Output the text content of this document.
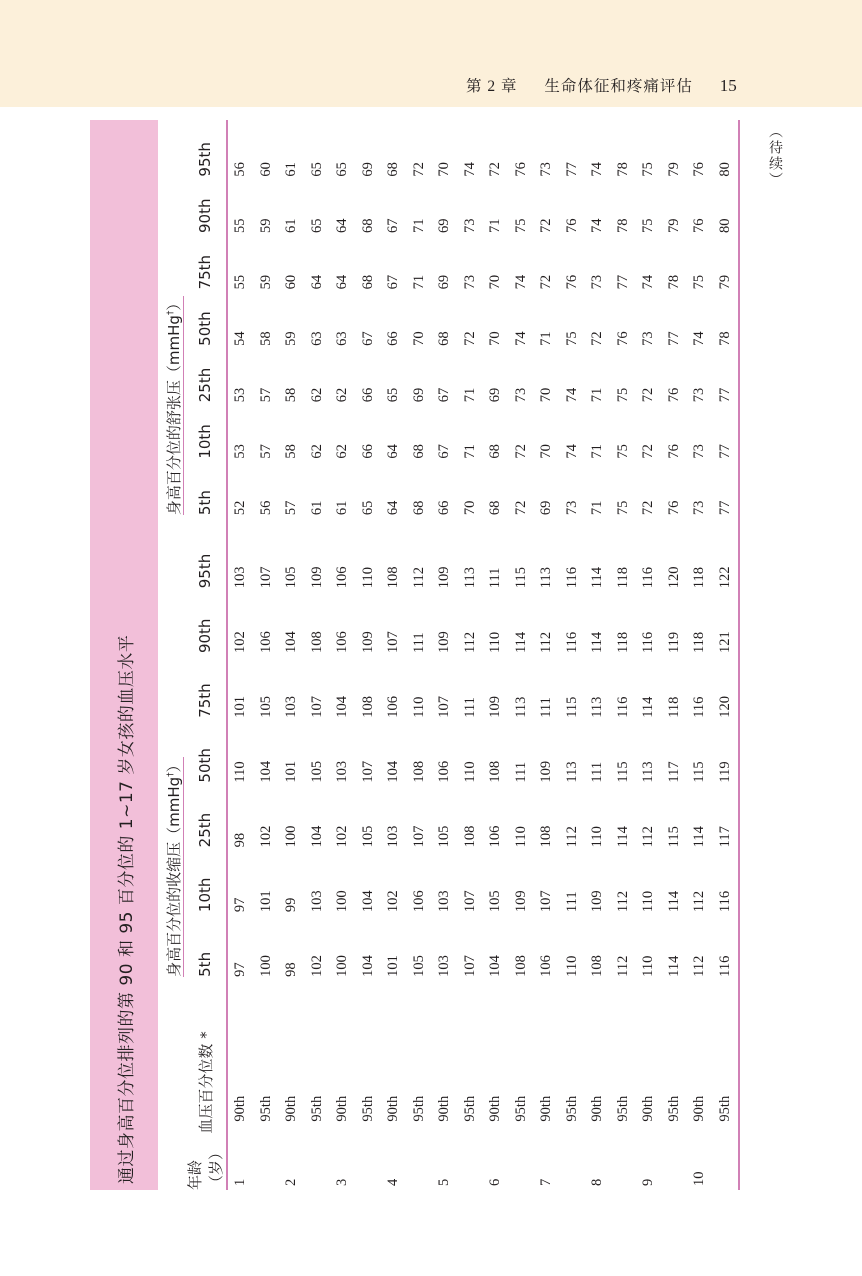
第 2 章 生命体征和疼痛评估 15
（待续）
通过身高百分位排列的第 90 和 95 百分位的 1~17 岁女孩的血压水平
		身高百分位的收缩压（mmHg†）							身高百分位的舒张压（mmHg†）						
年龄（岁）	血压百分位数 *	5th	10th	25th	50th	75th	90th	95th	5th	10th	25th	50th	75th	90th	95th
1	90th	97	97	98	110	101	102	103	52	53	53	54	55	55	56
	95th	100	101	102	104	105	106	107	56	57	57	58	59	59	60
2	90th	98	99	100	101	103	104	105	57	58	58	59	60	61	61
	95th	102	103	104	105	107	108	109	61	62	62	63	64	65	65
3	90th	100	100	102	103	104	106	106	61	62	62	63	64	64	65
	95th	104	104	105	107	108	109	110	65	66	66	67	68	68	69
4	90th	101	102	103	104	106	107	108	64	64	65	66	67	67	68
	95th	105	106	107	108	110	111	112	68	68	69	70	71	71	72
5	90th	103	103	105	106	107	109	109	66	67	67	68	69	69	70
	95th	107	107	108	110	111	112	113	70	71	71	72	73	73	74
6	90th	104	105	106	108	109	110	111	68	68	69	70	70	71	72
	95th	108	109	110	111	113	114	115	72	72	73	74	74	75	76
7	90th	106	107	108	109	111	112	113	69	70	70	71	72	72	73
	95th	110	111	112	113	115	116	116	73	74	74	75	76	76	77
8	90th	108	109	110	111	113	114	114	71	71	71	72	73	74	74
	95th	112	112	114	115	116	118	118	75	75	75	76	77	78	78
9	90th	110	110	112	113	114	116	116	72	72	72	73	74	75	75
	95th	114	114	115	117	118	119	120	76	76	76	77	78	79	79
10	90th	112	112	114	115	116	118	118	73	73	73	74	75	76	76
	95th	116	116	117	119	120	121	122	77	77	77	78	79	80	80
